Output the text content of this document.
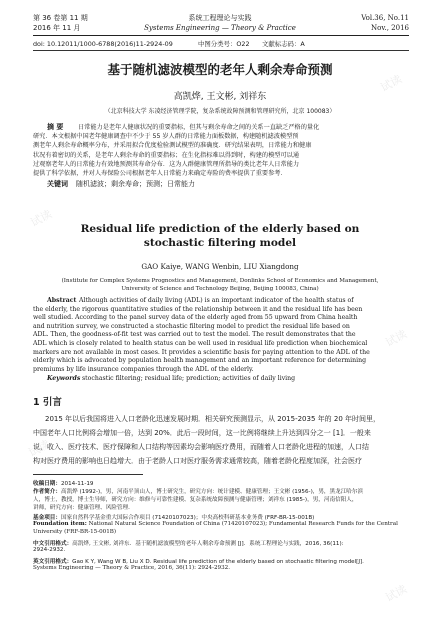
第 36 卷第 11 期
2016 年 11 月
系统工程理论与实践
Systems Engineering — Theory & Practice
Vol.36, No.11
Nov., 2016
doi: 10.12011/1000-6788(2016)11-2924-09	中图分类号：O22 文献标志码：A
基于随机滤波模型的老年人剩余寿命预测
高凯烨, 王文彬, 刘祥东
（北京科技大学 东凌经济管理学院，复杂系统故障预测和管理研究所，北京 100083）
摘 要 日常能力是老年人健康状况的重要指标，但其与剩余寿命之间的关系一直缺乏严格的量化
研究．本文根据中国老年健康调查中不少于 55 岁人群的日常能力面板数据，构建随机滤波模型预
测老年人剩余寿命概率分布，并采用拟合优度检验测试模型的准确度．研究结果表明，日常能力和健康
状况有着密切的关系，是老年人剩余寿命的重要指标；在生化指标难以得到时，构建的模型可以通
过观察老年人的日常能力有效地预测其寿命分布．这为人群健康管理所指导的类比老年人日常能力
提供了科学依据，并对人寿保险公司根据老年人日常能力来确定寿险的费率提供了重要参考．
关键词 随机滤波；剩余寿命；预测；日常能力
Residual life prediction of the elderly based on
stochastic filtering model
GAO Kaiye, WANG Wenbin, LIU Xiangdong
(Institute for Complex Systems Prognostics and Management, Donlinks School of Economics and Management,
University of Science and Technology Beijing, Beijing 100083, China)
Abstract Although activities of daily living (ADL) is an important indicator of the health status of
the elderly, the rigorous quantitative studies of the relationship between it and the residual life has been
well studied. According to the panel survey data of the elderly aged from 55 upward from China health
and nutrition survey, we constructed a stochastic filtering model to predict the residual life based on
ADL. Then, the goodness-of-fit test was carried out to test the model. The result demonstrates that the
ADL which is closely related to health status can be well used in residual life prediction when biochemical
markers are not available in most cases. It provides a scientific basis for paying attention to the ADL of the
elderly which is advocated by population health management and an important reference for determining
premiums by life insurance companies through the ADL of the elderly.
Keywords stochastic filtering; residual life; prediction; activities of daily living
1 引言
2015 年以后我国将进入人口老龄化迅速发展时期．相关研究预测显示，从 2015-2035 年的 20 年时间里，
中国老年人口比例将会增加一倍，达到 20%．此后一段时间，这一比例将继续上升达到四分之一 [1]．一般来
说，收入、医疗技术、医疗保障和人口结构等因素均会影响医疗费用，而随着人口老龄化进程的加速，人口结
构对医疗费用的影响也日趋增大．由于老龄人口对医疗服务需求通常较高，随着老龄化程度加深，社会医疗
收稿日期：2014-11-19
作者简介：高凯烨 (1992-)，男，河南平顶山人，博士研究生，研究方向：统计建模、健康管理；王文彬 (1956-)，男，黑龙江哈尔滨
人，博士，教授，博士生导师，研究方向：维修与可靠性建模、复杂系统故障预测与健康管理；刘祥东 (1985-)，男，河南信阳人，
讲师，研究方向：健康管理、风险管理．
基金项目：国家自然科学基金重大国际合作项目 (71420107023)；中央高校科研基本业务费 (FRF-BR-15-001B)
Foundation item: National Natural Science Foundation of China (71420107023); Fundamental Research Funds for the Central
University (FRF-BR-15-001B)
中文引用格式：高凯烨, 王文彬, 刘祥东．基于随机滤波模型的老年人剩余寿命预测 [J]．系统工程理论与实践，2016, 36(11):
2924-2932.
英文引用格式：Gao K Y, Wang W B, Liu X D. Residual life prediction of the elderly based on stochastic filtering model[J].
Systems Engineering — Theory & Practice, 2016, 36(11): 2924-2932.
试读
试读
试读
试读
试读
